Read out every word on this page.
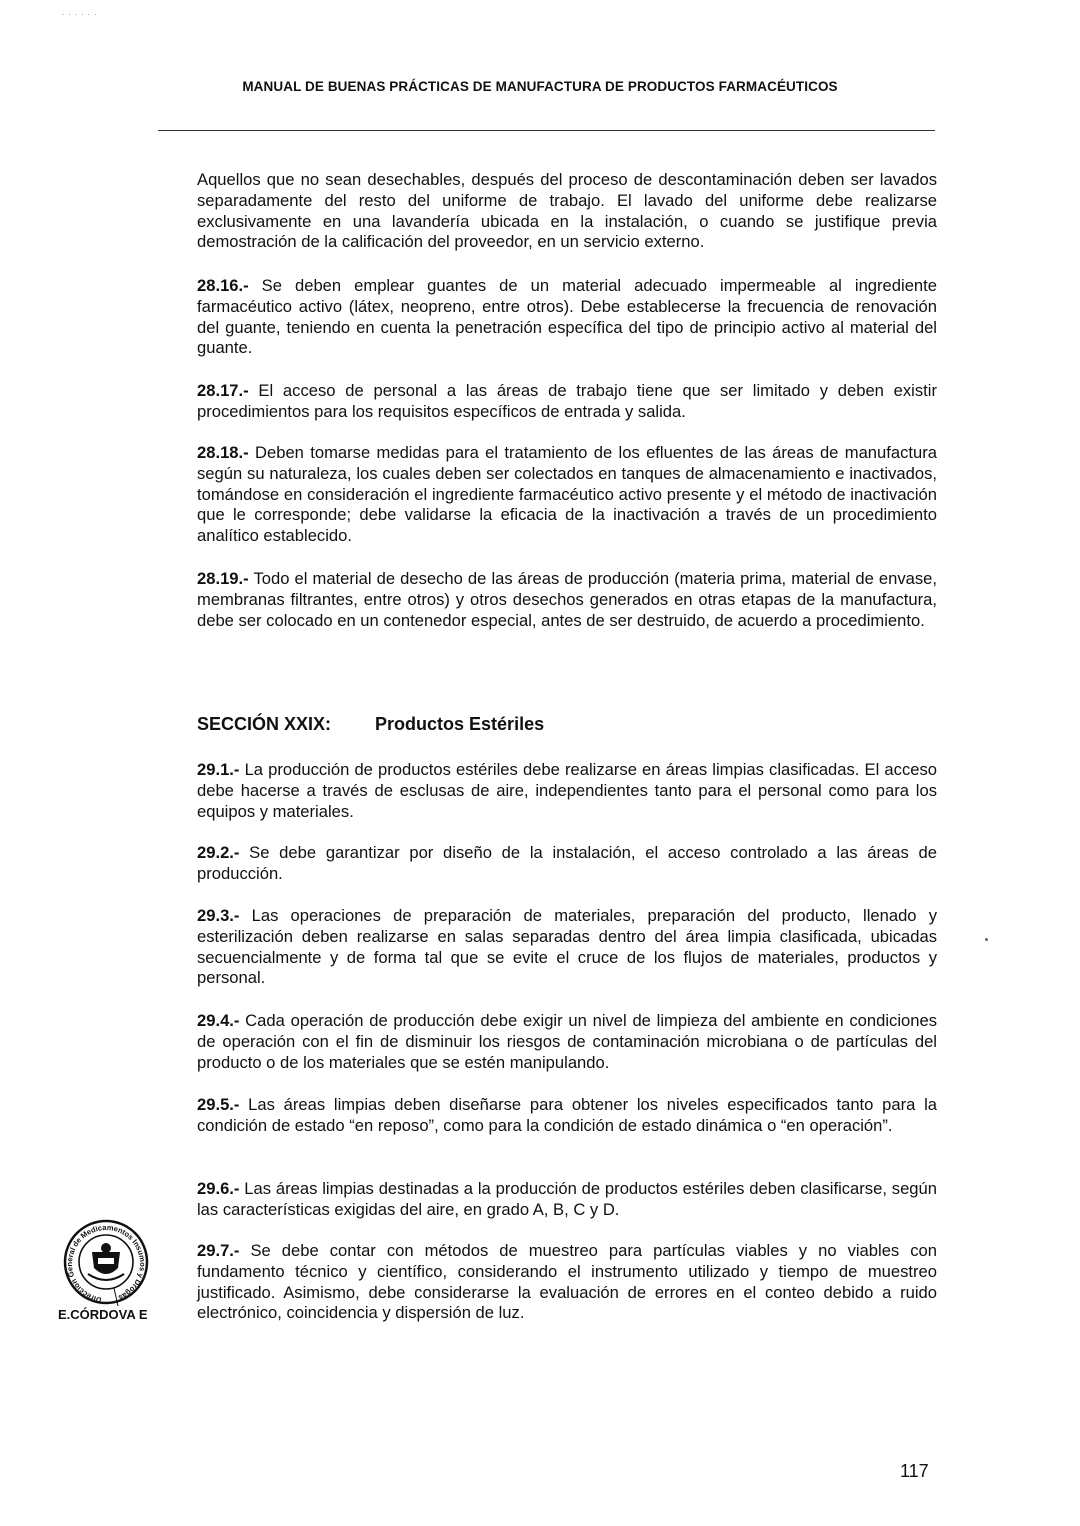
. . . . . .
MANUAL DE BUENAS PRÁCTICAS DE MANUFACTURA DE PRODUCTOS FARMACÉUTICOS

Aquellos que no sean desechables, después del proceso de descontaminación deben ser lavados separadamente del resto del uniforme de trabajo. El lavado del uniforme debe realizarse exclusivamente en una lavandería ubicada en la instalación, o cuando se justifique previa demostración de la calificación del proveedor, en un servicio externo.

28.16.- Se deben emplear guantes de un material adecuado impermeable al ingrediente farmacéutico activo (látex, neopreno, entre otros). Debe establecerse la frecuencia de renovación del guante, teniendo en cuenta la penetración específica del tipo de principio activo al material del guante.

28.17.- El acceso de personal a las áreas de trabajo tiene que ser limitado y deben existir procedimientos para los requisitos específicos de entrada y salida.

28.18.- Deben tomarse medidas para el tratamiento de los efluentes de las áreas de manufactura según su naturaleza, los cuales deben ser colectados en tanques de almacenamiento e inactivados, tomándose en consideración el ingrediente farmacéutico activo presente y el método de inactivación que le corresponde; debe validarse la eficacia de la inactivación a través de un procedimiento analítico establecido.

28.19.- Todo el material de desecho de las áreas de producción (materia prima, material de envase, membranas filtrantes, entre otros) y otros desechos generados en otras etapas de la manufactura, debe ser colocado en un contenedor especial, antes de ser destruido, de acuerdo a procedimiento.

SECCIÓN XXIX: Productos Estériles

29.1.- La producción de productos estériles debe realizarse en áreas limpias clasificadas. El acceso debe hacerse a través de esclusas de aire, independientes tanto para el personal como para los equipos y materiales.

29.2.- Se debe garantizar por diseño de la instalación, el acceso controlado a las áreas de producción.

29.3.- Las operaciones de preparación de materiales, preparación del producto, llenado y esterilización deben realizarse en salas separadas dentro del área limpia clasificada, ubicadas secuencialmente y de forma tal que se evite el cruce de los flujos de materiales, productos y personal.

29.4.- Cada operación de producción debe exigir un nivel de limpieza del ambiente en condiciones de operación con el fin de disminuir los riesgos de contaminación microbiana o de partículas del producto o de los materiales que se estén manipulando.

29.5.- Las áreas limpias deben diseñarse para obtener los niveles especificados tanto para la condición de estado “en reposo”, como para la condición de estado dinámica o “en operación”.

29.6.- Las áreas limpias destinadas a la producción de productos estériles deben clasificarse, según las características exigidas del aire, en grado A, B, C y D.

29.7.- Se debe contar con métodos de muestreo para partículas viables y no viables con fundamento técnico y científico, considerando el instrumento utilizado y tiempo de muestreo justificado. Asimismo, debe considerarse la evaluación de errores en el conteo debido a ruido electrónico, coincidencia y dispersión de luz.

Dirección General de Medicamentos Insumos y Drogas
E.CÓRDOVA E
117
